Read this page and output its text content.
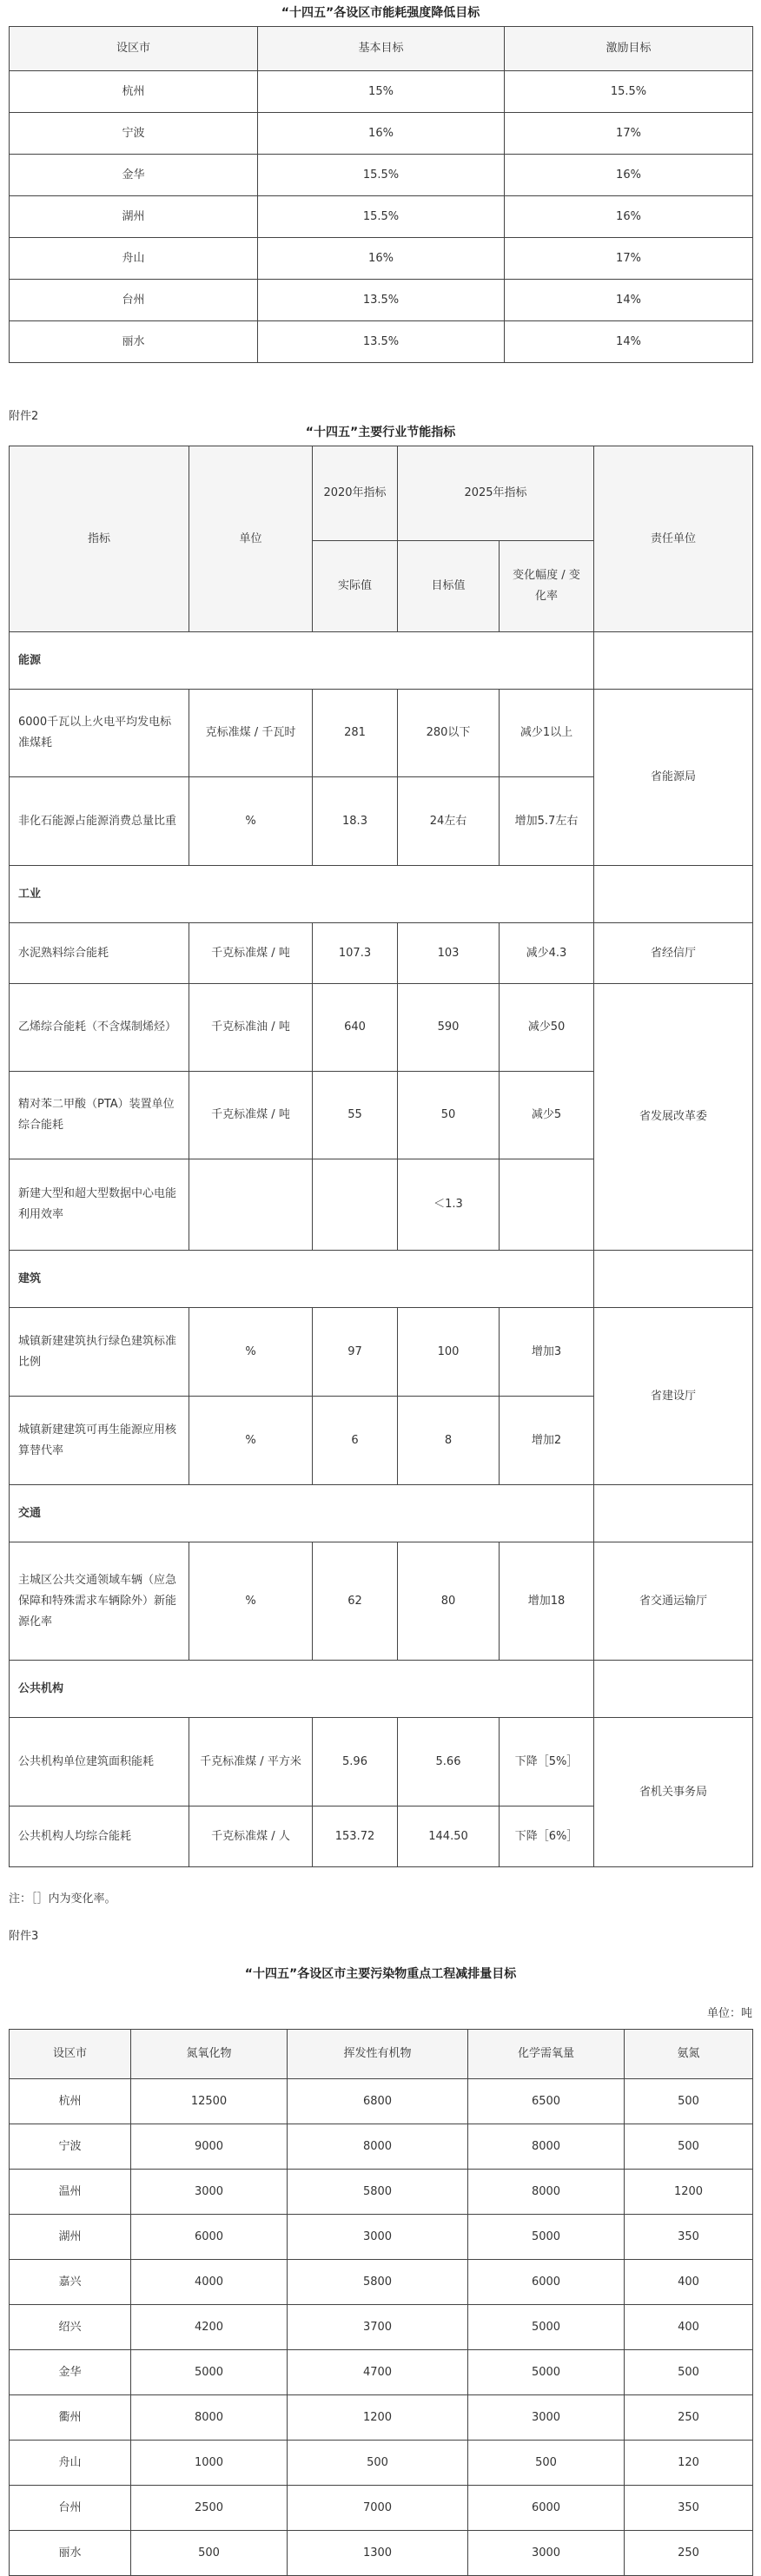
“十四五”各设区市能耗强度降低目标
设区市	基本目标	激励目标
杭州	15%	15.5%
宁波	16%	17%
金华	15.5%	16%
湖州	15.5%	16%
舟山	16%	17%
台州	13.5%	14%
丽水	13.5%	14%
附件2
“十四五”主要行业节能指标
指标	单位	2020年指标	2025年指标		责任单位
		实际值	目标值	变化幅度 / 变化率	
能源					
6000千瓦以上火电平均发电标准煤耗	克标准煤 / 千瓦时	281	280以下	减少1以上	省能源局
非化石能源占能源消费总量比重	%	18.3	24左右	增加5.7左右	
工业					
水泥熟料综合能耗	千克标准煤 / 吨	107.3	103	减少4.3	省经信厅
乙烯综合能耗（不含煤制烯烃）	千克标准油 / 吨	640	590	减少50	省发展改革委
精对苯二甲酸（PTA）装置单位综合能耗	千克标准煤 / 吨	55	50	减少5	
新建大型和超大型数据中心电能利用效率			＜1.3		
建筑					
城镇新建建筑执行绿色建筑标准比例	%	97	100	增加3	省建设厅
城镇新建建筑可再生能源应用核算替代率	%	6	8	增加2	
交通					
主城区公共交通领域车辆（应急保障和特殊需求车辆除外）新能源化率	%	62	80	增加18	省交通运输厅
公共机构					
公共机构单位建筑面积能耗	千克标准煤 / 平方米	5.96	5.66	下降［5%］	省机关事务局
公共机构人均综合能耗	千克标准煤 / 人	153.72	144.50	下降［6%］	
注：［］内为变化率。
附件3
“十四五”各设区市主要污染物重点工程减排量目标
单位：吨
设区市	氮氧化物	挥发性有机物	化学需氧量	氨氮
杭州	12500	6800	6500	500
宁波	9000	8000	8000	500
温州	3000	5800	8000	1200
湖州	6000	3000	5000	350
嘉兴	4000	5800	6000	400
绍兴	4200	3700	5000	400
金华	5000	4700	5000	500
衢州	8000	1200	3000	250
舟山	1000	500	500	120
台州	2500	7000	6000	350
丽水	500	1300	3000	250
